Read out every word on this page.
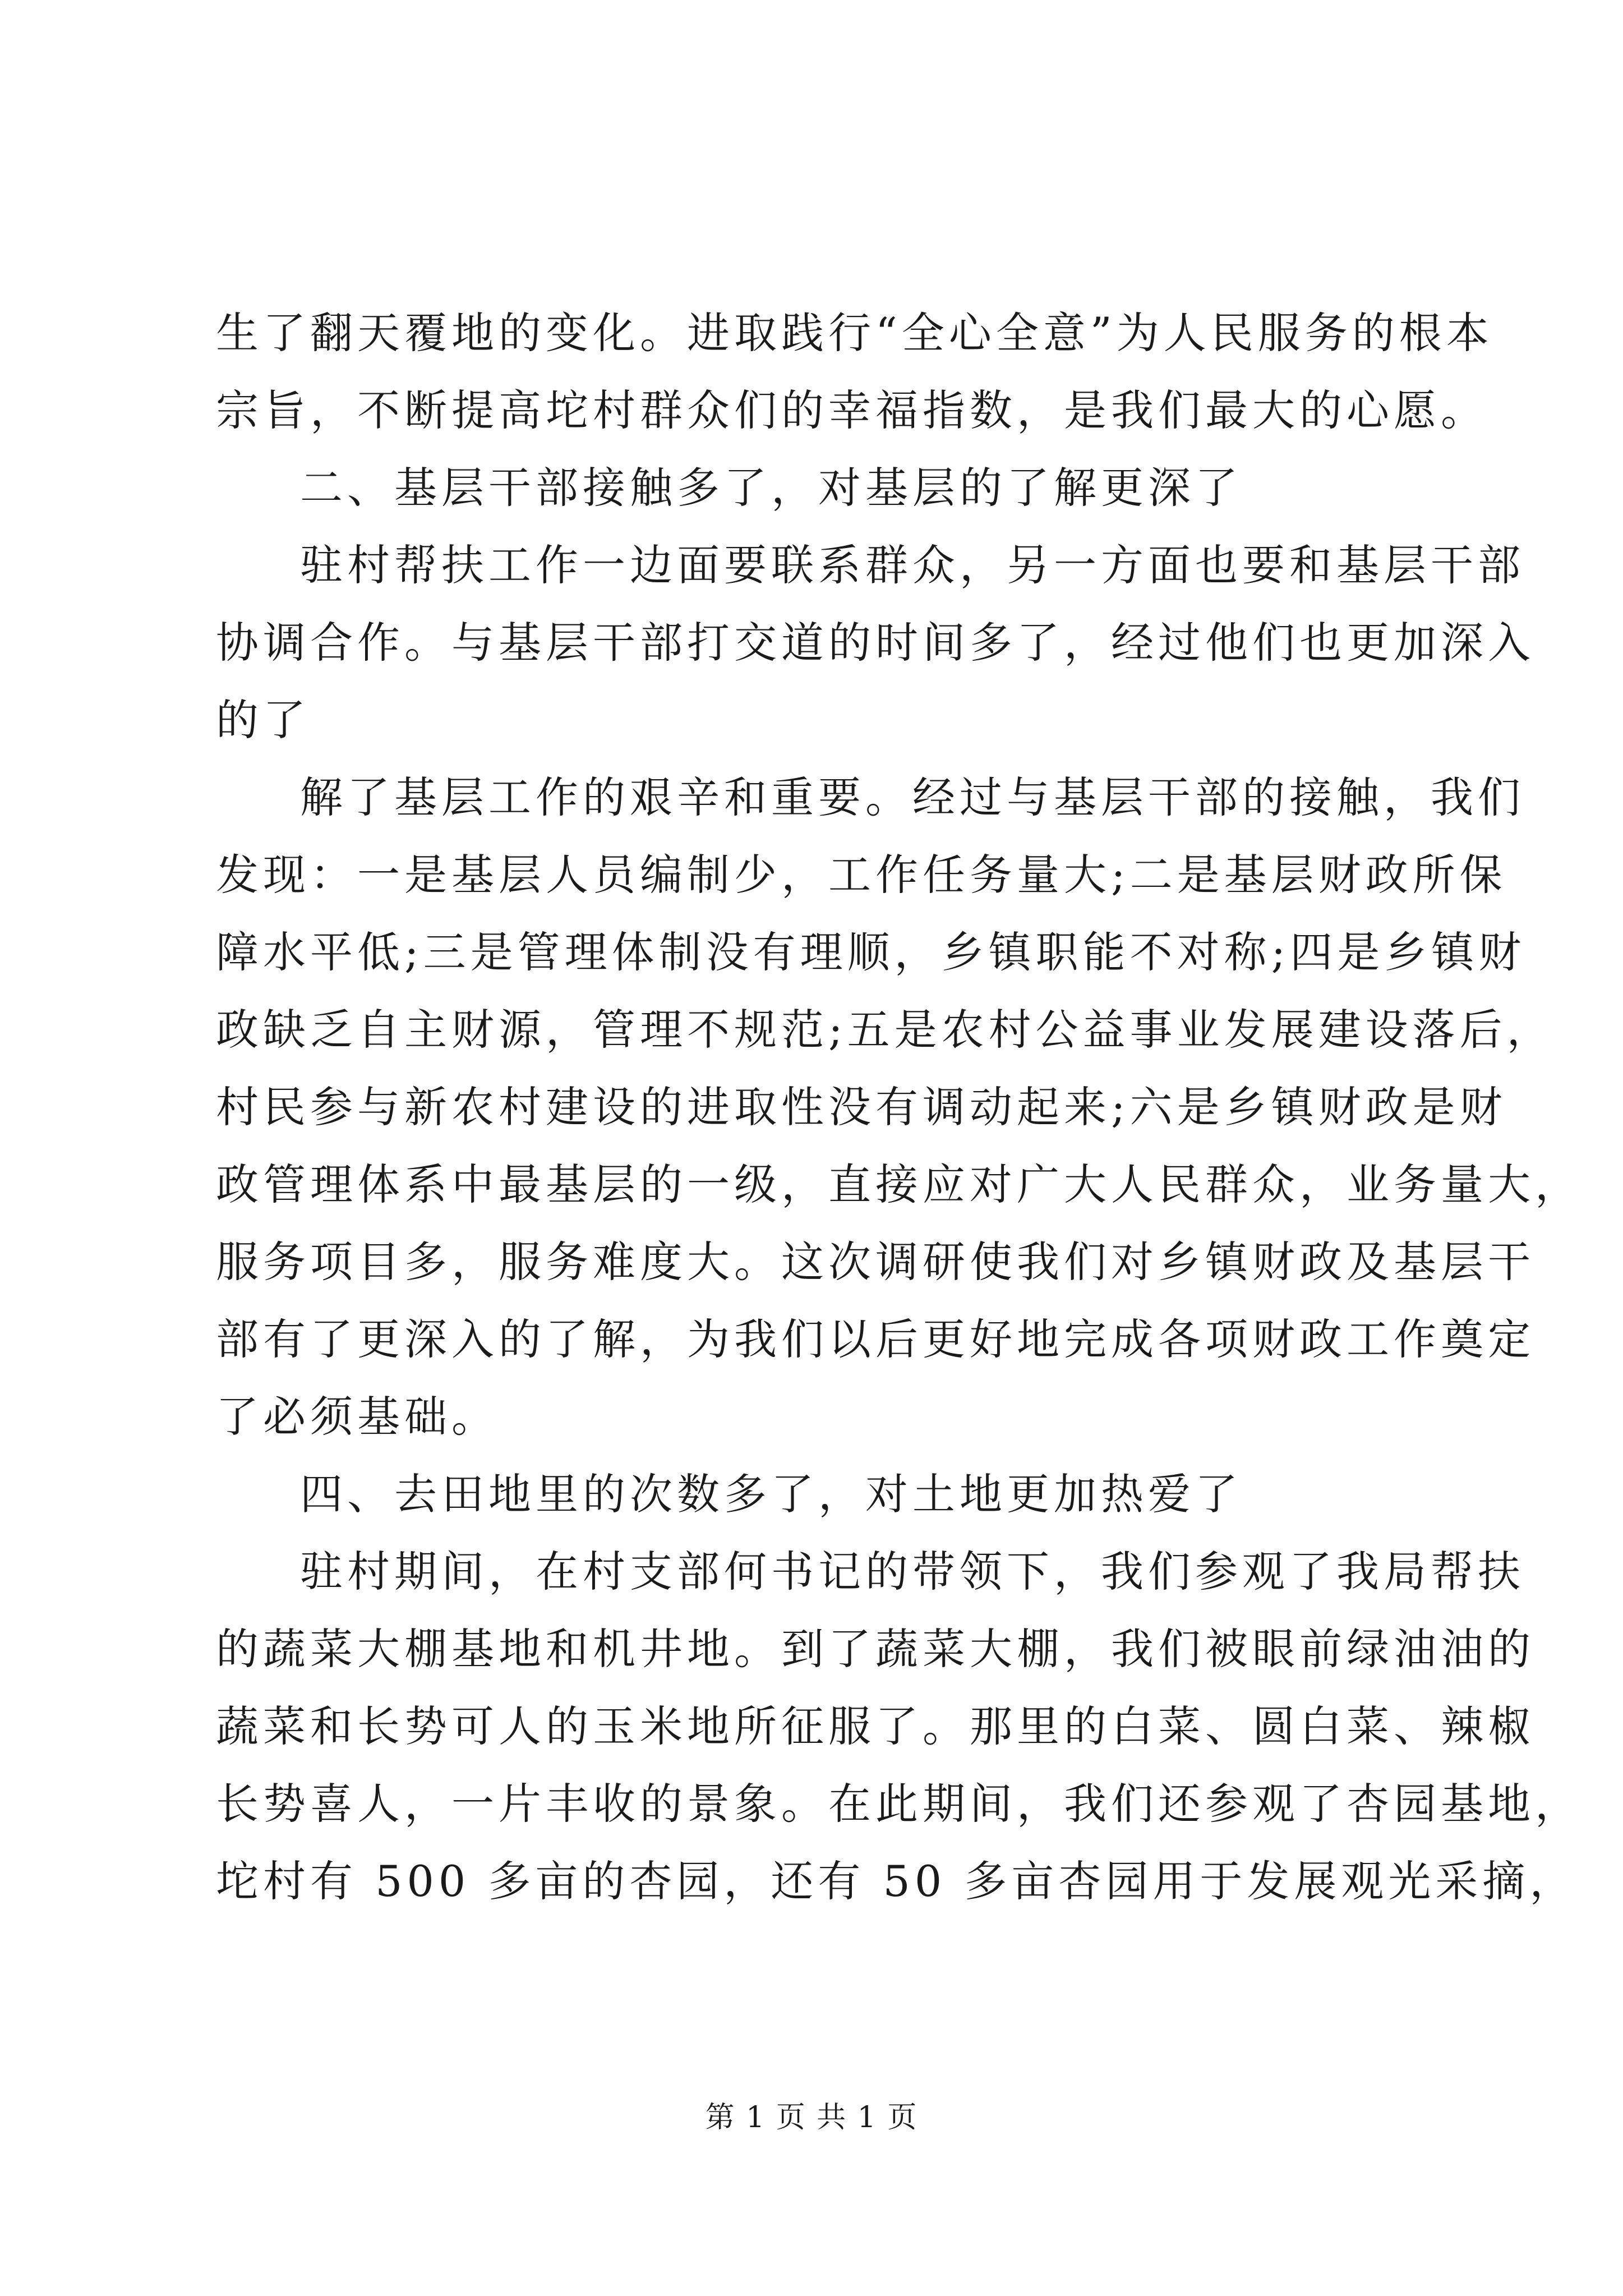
生了翻天覆地的变化。进取践行“全心全意”为人民服务的根本
宗旨，不断提高坨村群众们的幸福指数，是我们最大的心愿。
二、基层干部接触多了，对基层的了解更深了
驻村帮扶工作一边面要联系群众，另一方面也要和基层干部
协调合作。与基层干部打交道的时间多了，经过他们也更加深入
的了
解了基层工作的艰辛和重要。经过与基层干部的接触，我们
发现：一是基层人员编制少，工作任务量大;二是基层财政所保
障水平低;三是管理体制没有理顺，乡镇职能不对称;四是乡镇财
政缺乏自主财源，管理不规范;五是农村公益事业发展建设落后，
村民参与新农村建设的进取性没有调动起来;六是乡镇财政是财
政管理体系中最基层的一级，直接应对广大人民群众，业务量大，
服务项目多，服务难度大。这次调研使我们对乡镇财政及基层干
部有了更深入的了解，为我们以后更好地完成各项财政工作奠定
了必须基础。
四、去田地里的次数多了，对土地更加热爱了
驻村期间，在村支部何书记的带领下，我们参观了我局帮扶
的蔬菜大棚基地和机井地。到了蔬菜大棚，我们被眼前绿油油的
蔬菜和长势可人的玉米地所征服了。那里的白菜、圆白菜、辣椒
长势喜人，一片丰收的景象。在此期间，我们还参观了杏园基地，
坨村有 500 多亩的杏园，还有 50 多亩杏园用于发展观光采摘，
第 1 页 共 1 页
